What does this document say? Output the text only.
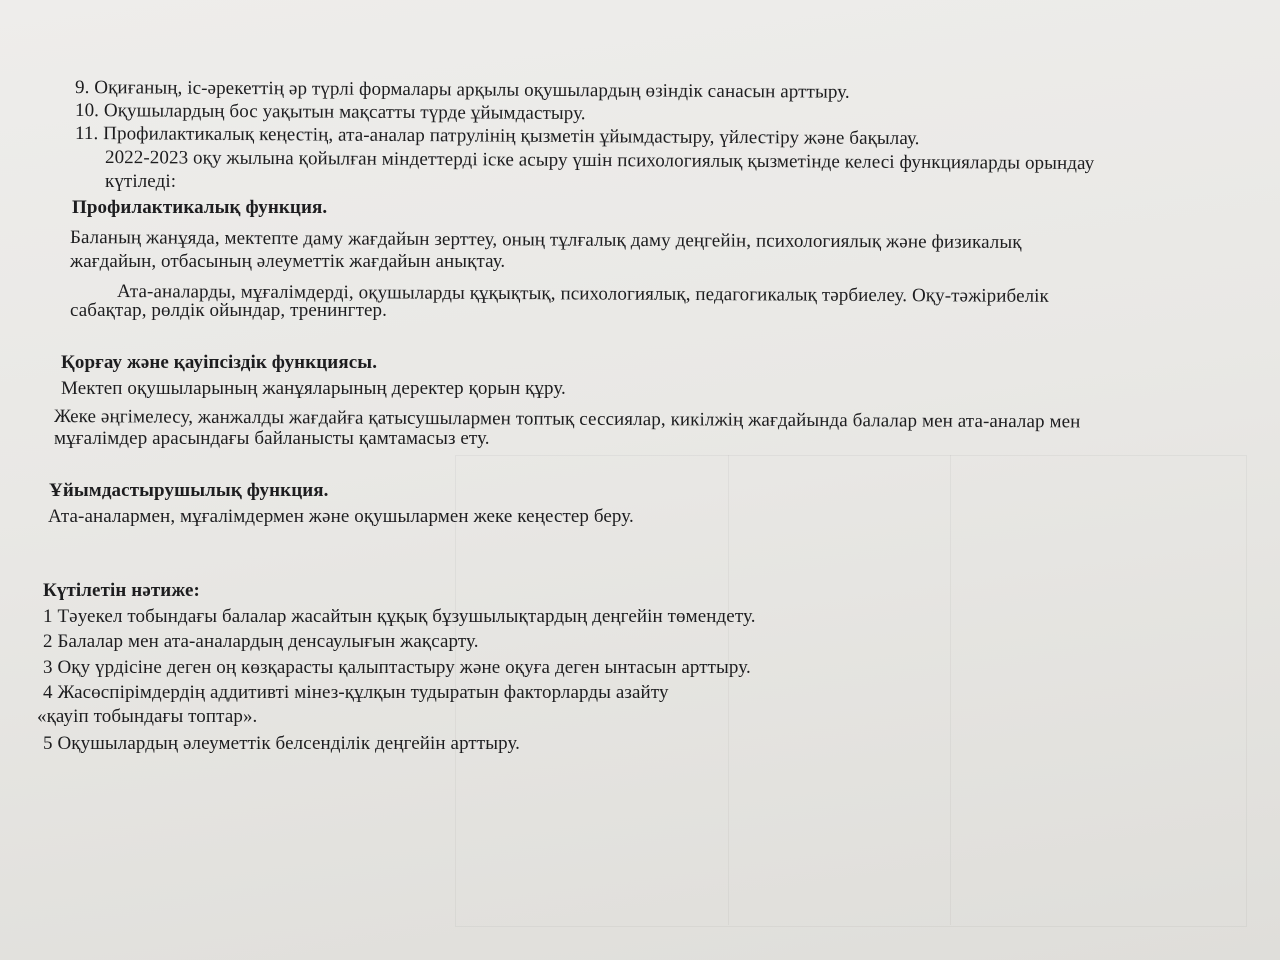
9. Оқиғаның, іс-әрекеттің әр түрлі формалары арқылы оқушылардың өзіндік санасын арттыру.
10. Оқушылардың бос уақытын мақсатты түрде ұйымдастыру.
11. Профилактикалық кеңестің, ата-аналар патрулінің қызметін ұйымдастыру, үйлестіру және бақылау.
2022-2023 оқу жылына қойылған міндеттерді іске асыру үшін психологиялық қызметінде келесі функцияларды орындау
күтіледі:
Профилактикалық функция.
Баланың жанұяда, мектепте даму жағдайын зерттеу, оның тұлғалық даму деңгейін, психологиялық және физикалық
жағдайын, отбасының әлеуметтік жағдайын анықтау.
Ата-аналарды, мұғалімдерді, оқушыларды құқықтық, психологиялық, педагогикалық тәрбиелеу. Оқу-тәжірибелік
сабақтар, рөлдік ойындар, тренингтер.
Қорғау және қауіпсіздік функциясы.
Мектеп оқушыларының жанұяларының деректер қорын құру.
Жеке әңгімелесу, жанжалды жағдайға қатысушылармен топтық сессиялар, кикілжің жағдайында балалар мен ата-аналар мен
мұғалімдер арасындағы байланысты қамтамасыз ету.
Ұйымдастырушылық функция.
Ата-аналармен, мұғалімдермен және оқушылармен жеке кеңестер беру.
Күтілетін нәтиже:
1 Тәуекел тобындағы балалар жасайтын құқық бұзушылықтардың деңгейін төмендету.
2 Балалар мен ата-аналардың денсаулығын жақсарту.
3 Оқу үрдісіне деген оң көзқарасты қалыптастыру және оқуға деген ынтасын арттыру.
4 Жасөспірімдердің аддитивті мінез-құлқын тудыратын факторларды азайту
«қауіп тобындағы топтар».
5 Оқушылардың әлеуметтік белсенділік деңгейін арттыру.
